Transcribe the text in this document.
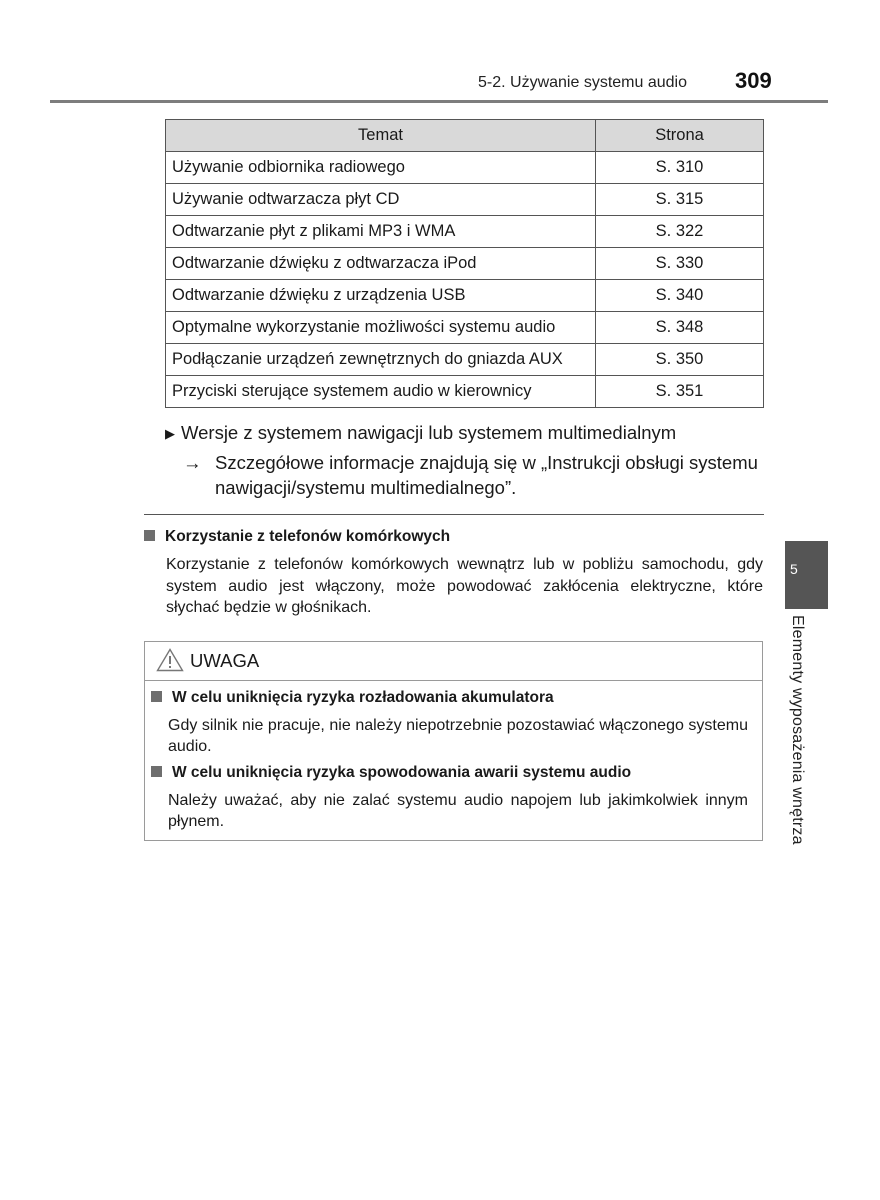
5-2. Używanie systemu audio 309
Temat	Strona
Używanie odbiornika radiowego	S. 310
Używanie odtwarzacza płyt CD	S. 315
Odtwarzanie płyt z plikami MP3 i WMA	S. 322
Odtwarzanie dźwięku z odtwarzacza iPod	S. 330
Odtwarzanie dźwięku z urządzenia USB	S. 340
Optymalne wykorzystanie możliwości systemu audio	S. 348
Podłączanie urządzeń zewnętrznych do gniazda AUX	S. 350
Przyciski sterujące systemem audio w kierownicy	S. 351
▶ Wersje z systemem nawigacji lub systemem multimedialnym
→ Szczegółowe informacje znajdują się w „Instrukcji obsługi systemu nawigacji/systemu multimedialnego”.
Korzystanie z telefonów komórkowych
Korzystanie z telefonów komórkowych wewnątrz lub w pobliżu samochodu, gdy system audio jest włączony, może powodować zakłócenia elektryczne, które słychać będzie w głośnikach.
5
Elementy wyposażenia wnętrza
UWAGA
W celu uniknięcia ryzyka rozładowania akumulatora
Gdy silnik nie pracuje, nie należy niepotrzebnie pozostawiać włączonego systemu audio.
W celu uniknięcia ryzyka spowodowania awarii systemu audio
Należy uważać, aby nie zalać systemu audio napojem lub jakimkolwiek innym płynem.
